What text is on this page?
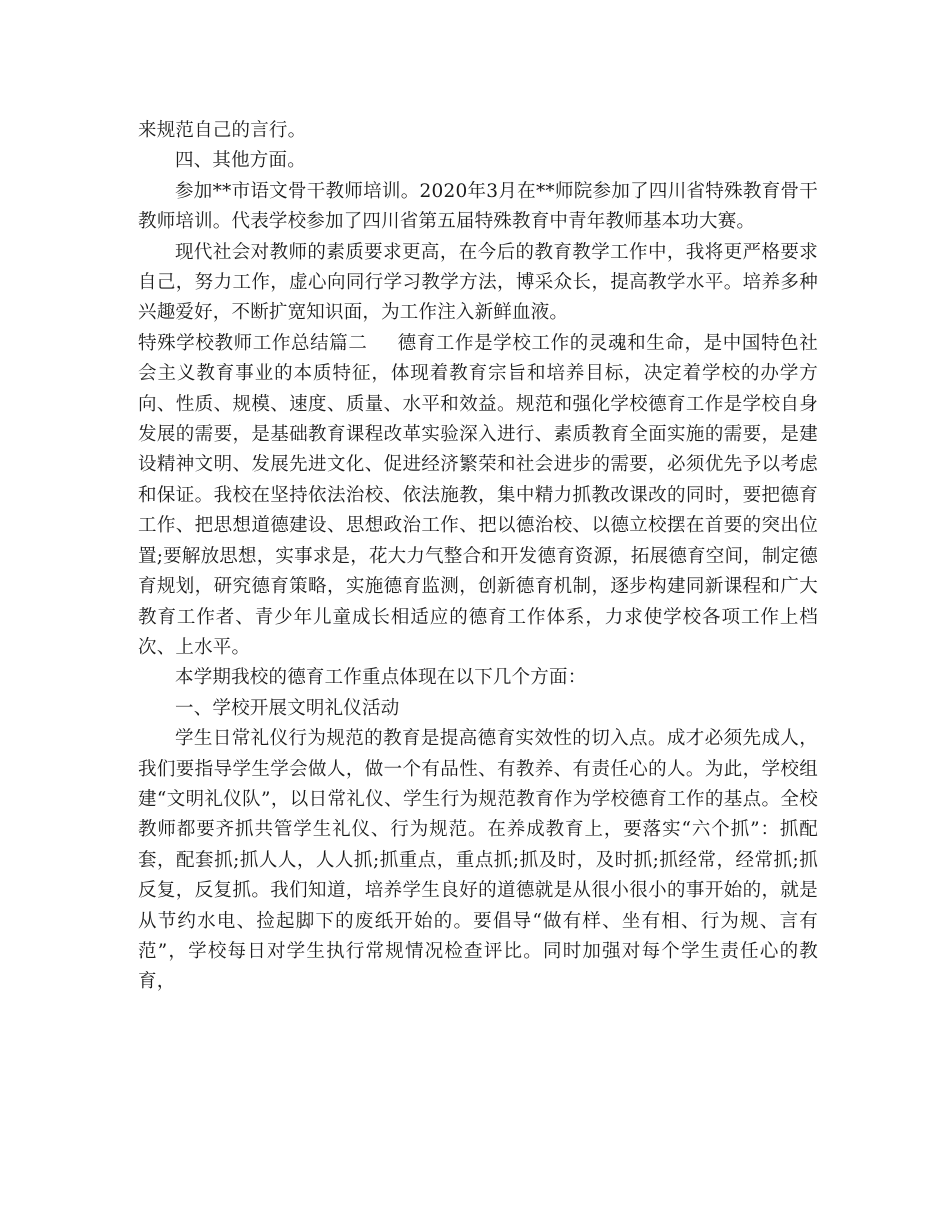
来规范自己的言行。

四、其他方面。

参加**市语文骨干教师培训。2020年3月在**师院参加了四川省特殊教育骨干教师培训。代表学校参加了四川省第五届特殊教育中青年教师基本功大赛。

现代社会对教师的素质要求更高，在今后的教育教学工作中，我将更严格要求自己，努力工作，虚心向同行学习教学方法，博采众长，提高教学水平。培养多种兴趣爱好，不断扩宽知识面，为工作注入新鲜血液。

特殊学校教师工作总结篇二 德育工作是学校工作的灵魂和生命，是中国特色社会主义教育事业的本质特征，体现着教育宗旨和培养目标，决定着学校的办学方向、性质、规模、速度、质量、水平和效益。规范和强化学校德育工作是学校自身发展的需要，是基础教育课程改革实验深入进行、素质教育全面实施的需要，是建设精神文明、发展先进文化、促进经济繁荣和社会进步的需要，必须优先予以考虑和保证。我校在坚持依法治校、依法施教，集中精力抓教改课改的同时，要把德育工作、把思想道德建设、思想政治工作、把以德治校、以德立校摆在首要的突出位置;要解放思想，实事求是，花大力气整合和开发德育资源，拓展德育空间，制定德育规划，研究德育策略，实施德育监测，创新德育机制，逐步构建同新课程和广大教育工作者、青少年儿童成长相适应的德育工作体系，力求使学校各项工作上档次、上水平。

本学期我校的德育工作重点体现在以下几个方面：

一、学校开展文明礼仪活动

学生日常礼仪行为规范的教育是提高德育实效性的切入点。成才必须先成人，我们要指导学生学会做人，做一个有品性、有教养、有责任心的人。为此，学校组建“文明礼仪队”，以日常礼仪、学生行为规范教育作为学校德育工作的基点。全校教师都要齐抓共管学生礼仪、行为规范。在养成教育上，要落实“六个抓”：抓配套，配套抓;抓人人，人人抓;抓重点，重点抓;抓及时，及时抓;抓经常，经常抓;抓反复，反复抓。我们知道，培养学生良好的道德就是从很小很小的事开始的，就是从节约水电、捡起脚下的废纸开始的。要倡导“做有样、坐有相、行为规、言有范”，学校每日对学生执行常规情况检查评比。同时加强对每个学生责任心的教育，
